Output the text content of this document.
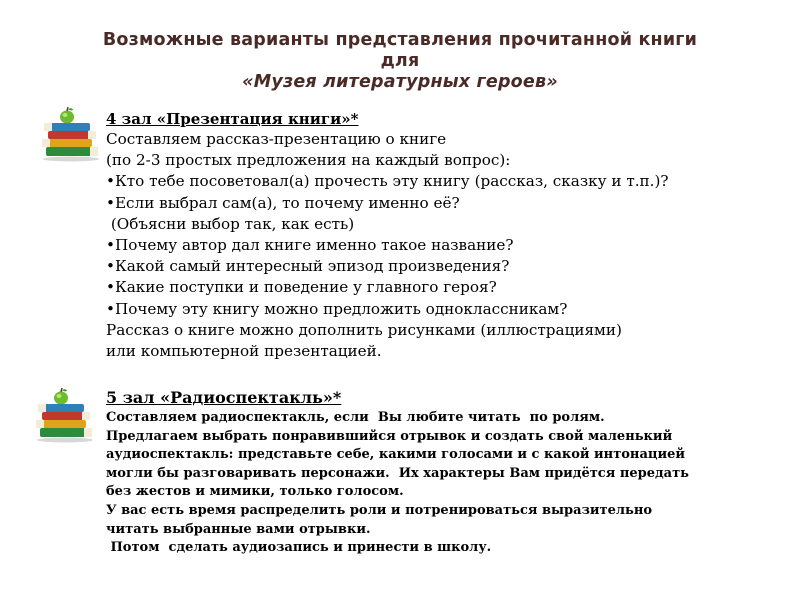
Возможные варианты представления прочитанной книги
для
«Музея литературных героев»
4 зал «Презентация книги»*
Составляем рассказ-презентацию о книге
(по 2-3 простых предложения на каждый вопрос):
•Кто тебе посоветовал(а) прочесть эту книгу (рассказ, сказку и т.п.)?
•Если выбрал сам(а), то почему именно её?
(Объясни выбор так, как есть)
•Почему автор дал книге именно такое название?
•Какой самый интересный эпизод произведения?
•Какие поступки и поведение у главного героя?
•Почему эту книгу можно предложить одноклассникам?
Рассказ о книге можно дополнить рисунками (иллюстрациями)
или компьютерной презентацией.
5 зал «Радиоспектакль»*
Составляем радиоспектакль, если  Вы любите читать  по ролям.
Предлагаем выбрать понравившийся отрывок и создать свой маленький
аудиоспектакль: представьте себе, какими голосами и с какой интонацией
могли бы разговаривать персонажи.  Их характеры Вам придётся передать
без жестов и мимики, только голосом.
У вас есть время распределить роли и потренироваться выразительно
читать выбранные вами отрывки.
Потом  сделать аудиозапись и принести в школу.
